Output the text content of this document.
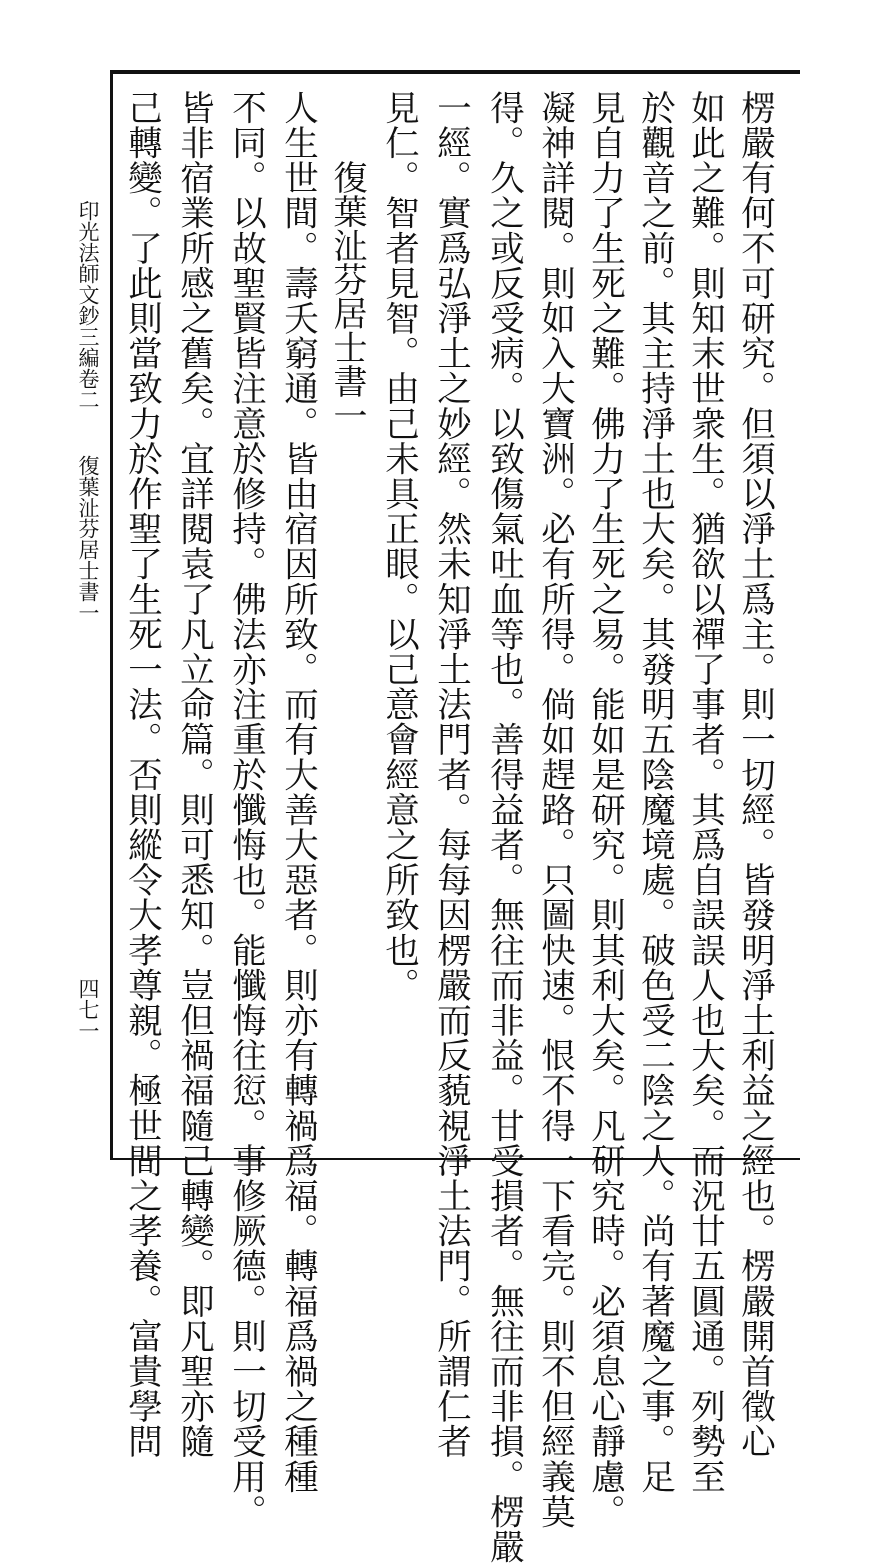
楞嚴有何不可研究。但須以淨土爲主。則一切經。皆發明淨土利益之經也。楞嚴開首徵心
如此之難。則知末世衆生。猶欲以禪了事者。其爲自誤誤人也大矣。而況廿五圓通。列勢至
於觀音之前。其主持淨土也大矣。其發明五陰魔境處。破色受二陰之人。尚有著魔之事。足
見自力了生死之難。佛力了生死之易。能如是研究。則其利大矣。凡研究時。必須息心靜慮。
凝神詳閱。則如入大寶洲。必有所得。倘如趕路。只圖快速。恨不得一下看完。則不但經義莫
得。久之或反受病。以致傷氣吐血等也。善得益者。無往而非益。甘受損者。無往而非損。楞嚴
一經。實爲弘淨土之妙經。然未知淨土法門者。每每因楞嚴而反藐視淨土法門。所謂仁者
見仁。智者見智。由己未具正眼。以己意會經意之所致也。
復葉沚芬居士書一
人生世間。壽夭窮通。皆由宿因所致。而有大善大惡者。則亦有轉禍爲福。轉福爲禍之種種
不同。以故聖賢皆注意於修持。佛法亦注重於懺悔也。能懺悔往愆。事修厥德。則一切受用。
皆非宿業所感之舊矣。宜詳閱袁了凡立命篇。則可悉知。豈但禍福隨己轉變。即凡聖亦隨
己轉變。了此則當致力於作聖了生死一法。否則縱令大孝尊親。極世間之孝養。富貴學問
印光法師文鈔三編卷二
復葉沚芬居士書一
四七一
